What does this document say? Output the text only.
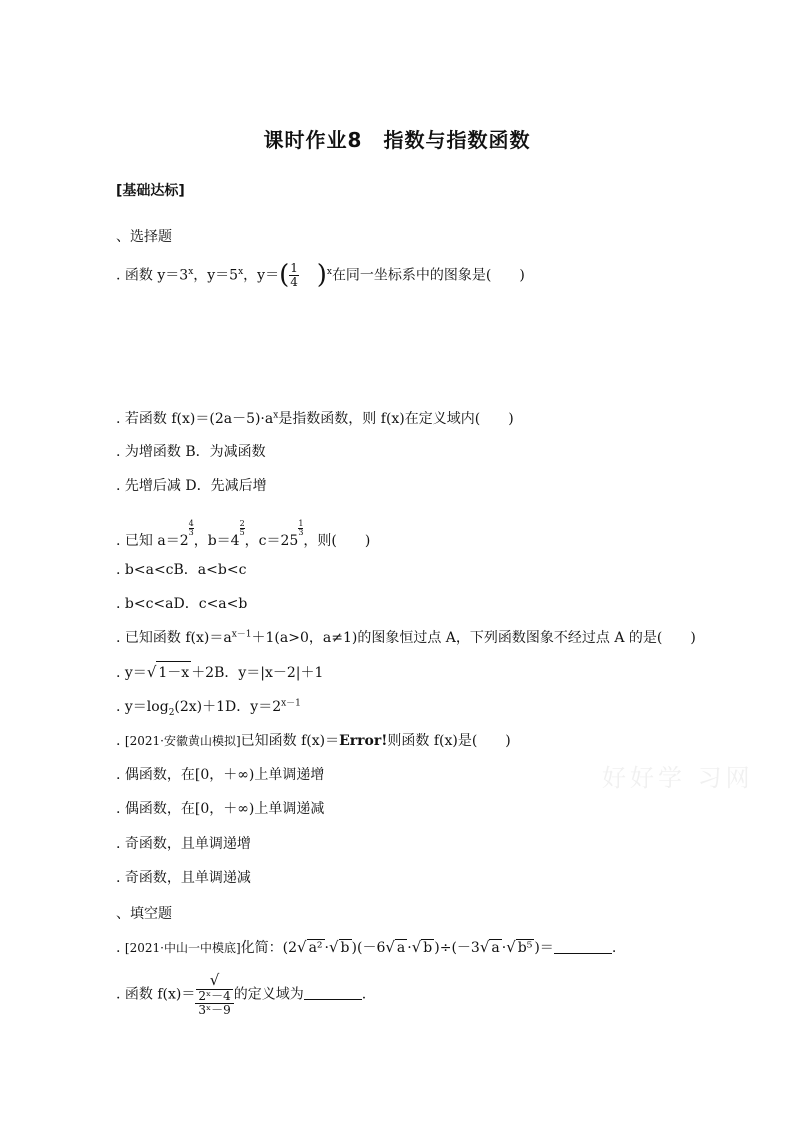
课时作业8　指数与指数函数
[基础达标]
、选择题
. 函数 $y=3^x$，$y=5^x$，$y=( \frac{1}{4} )^x$在同一坐标系中的图象是(　　)
. 若函数 $f(x)=(2a-5)\cdot a^x$是指数函数，则 f(x)在定义域内(　　)
. 为增函数 B．为减函数
. 先增后减 D．先减后增
. 已知 a＝2
$\frac{4}{3}$
，b＝4
$\frac{2}{5}$
，c＝25
$\frac{1}{3}$
，则(　　)
. b<a<cB．a<b<c
. b<c<aD．c<a<b
. 已知函数 $f(x)=a^{x-1}+1(a>0$，a≠1)的图象恒过点 A，下列函数图象不经过点 A 的是(　　)
. y＝√ 1－x ＋2B．y＝|x－2|＋1
. $y=\log_2(2x)+1D$．$y=2^{x-1}$
. [2021·安徽黄山模拟]已知函数 f(x)＝Error!则函数 f(x)是(　　)
. 偶函数，在[0，＋∞)上单调递增
. 偶函数，在[0，＋∞)上单调递减
. 奇函数，且单调递增
. 奇函数，且单调递减
好好学 习网
、填空题
. [2021·中山一中模底]化简：(2√ a² ·√ b )(－6√ a ·√ b )÷(－3√ a ·√ b⁵ )＝	.
. 函数 f(x)＝ √
2ˣ－4
3ˣ－9 的定义域为	.
